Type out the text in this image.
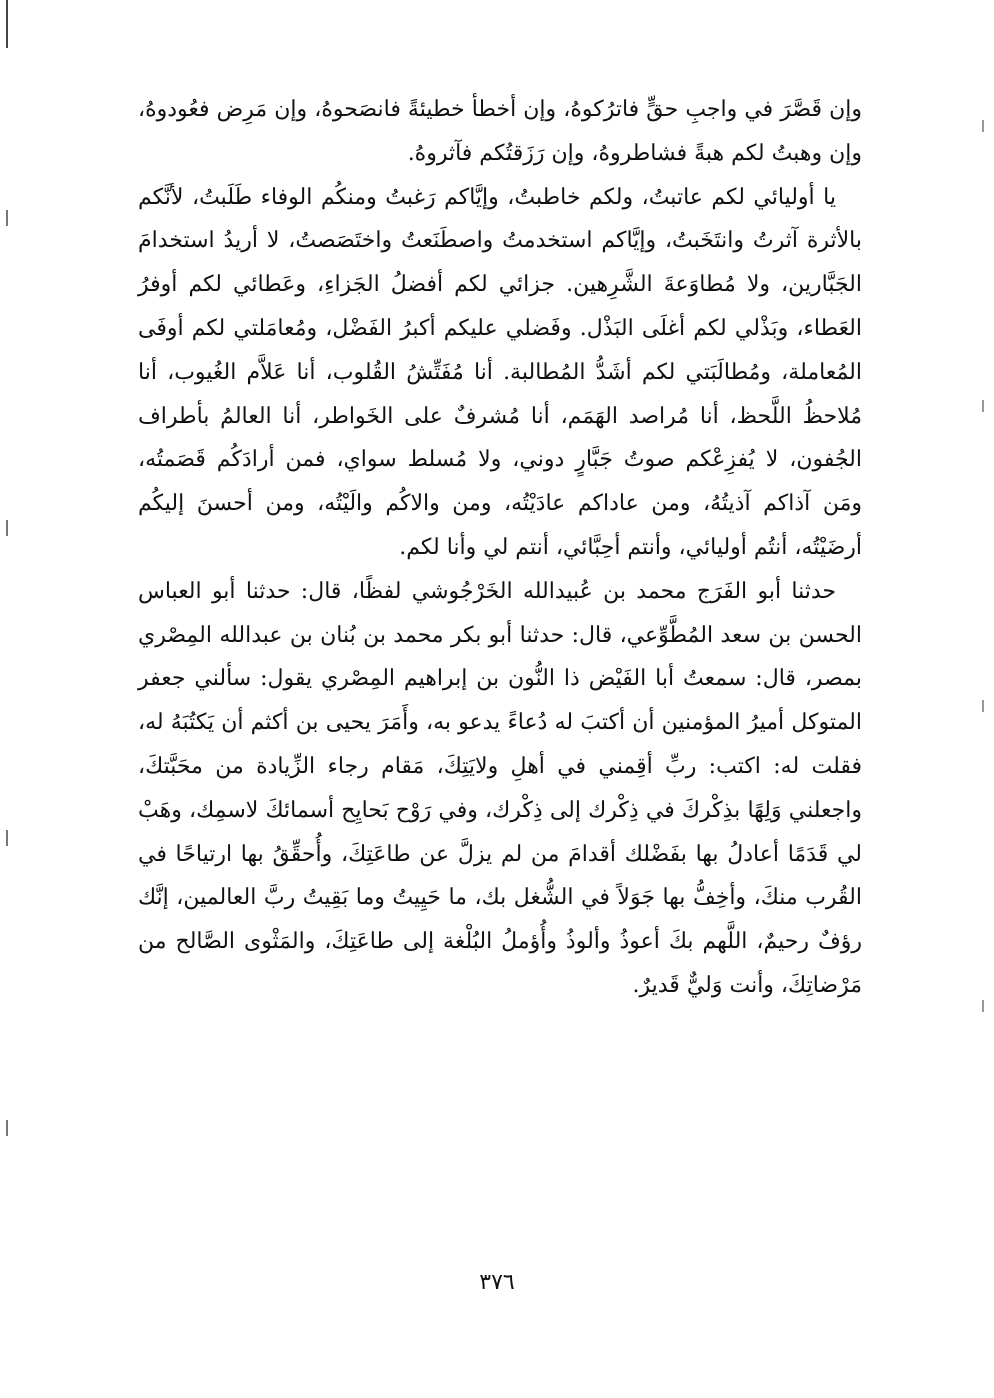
وإن قَصَّرَ في واجبِ حقٍّ فاترُكوهُ، وإن أخطأ خطيئةً فانصَحوهُ، وإن مَرِض فعُودوهُ، وإن وهبتُ لكم هبةً فشاطروهُ، وإن رَزَقتُكم فآثروهُ.

يا أوليائي لكم عاتبتُ، ولكم خاطبتُ، وإيَّاكم رَغبتُ ومنكُم الوفاء طَلَبتُ، لأنَّكم بالأثرة آثرتُ وانتَخَبتُ، وإيَّاكم استخدمتُ واصطَنَعتُ واختَصَصتُ، لا أريدُ استخدامَ الجَبَّارين، ولا مُطاوَعةَ الشَّرِهين. جزائي لكم أفضلُ الجَزاءِ، وعَطائي لكم أوفرُ العَطاء، وبَذْلي لكم أغلَى البَذْل. وفَضلي عليكم أكبرُ الفَضْل، ومُعامَلتي لكم أوفَى المُعاملة، ومُطالَبَتي لكم أشَدُّ المُطالبة. أنا مُفَتِّشُ القُلوب، أنا عَلاَّم الغُيوب، أنا مُلاحظُ اللَّحظ، أنا مُراصد الهَمَم، أنا مُشرفٌ على الخَواطر، أنا العالمُ بأطراف الجُفون، لا يُفزِعْكم صوتُ جَبَّارٍ دوني، ولا مُسلط سواي، فمن أرادَكُم قَصَمتُه، ومَن آذاكم آذيتُهُ، ومن عاداكم عادَيْتُه، ومن والاكُم والَيْتُه، ومن أحسنَ إليكُم أرضَيْتُه، أنتُم أوليائي، وأنتم أحِبَّائي، أنتم لي وأنا لكم.

حدثنا أبو الفَرَج محمد بن عُبيدالله الخَرْجُوشي لفظًا، قال: حدثنا أبو العباس الحسن بن سعد المُطَّوِّعي، قال: حدثنا أبو بكر محمد بن بُنان بن عبدالله المِصْري بمصر، قال: سمعتُ أبا الفَيْض ذا النُّون بن إبراهيم المِصْري يقول: سألني جعفر المتوكل أميرُ المؤمنين أن أكتبَ له دُعاءً يدعو به، وأَمَرَ يحيى بن أكثم أن يَكتُبَهُ له، فقلت له: اكتب: ربِّ أقِمني في أهلِ ولايَتِكَ، مَقام رجاء الزِّيادة من محَبَّتكَ، واجعلني وَلِهًا بذِكْركَ في ذِكْرك إلى ذِكْرك، وفي رَوْح بَحايِح أسمائكَ لاسمِك، وهَبْ لي قَدَمًا أعادلُ بها بفَضْلك أقدامَ من لم يزلَّ عن طاعَتِكَ، وأُحقِّقُ بها ارتياحًا في القُرب منكَ، وأخِفُّ بها جَوَلاً في الشُّغل بك، ما حَيِيتُ وما بَقِيتُ ربَّ العالمين، إنَّك رؤفٌ رحيمٌ، اللَّهم بكَ أعوذُ وألوذُ وأُؤملُ البُلْغة إلى طاعَتِكَ، والمَثْوى الصَّالح من مَرْضاتِكَ، وأنت وَليٌّ قَديرٌ.

٣٧٦
